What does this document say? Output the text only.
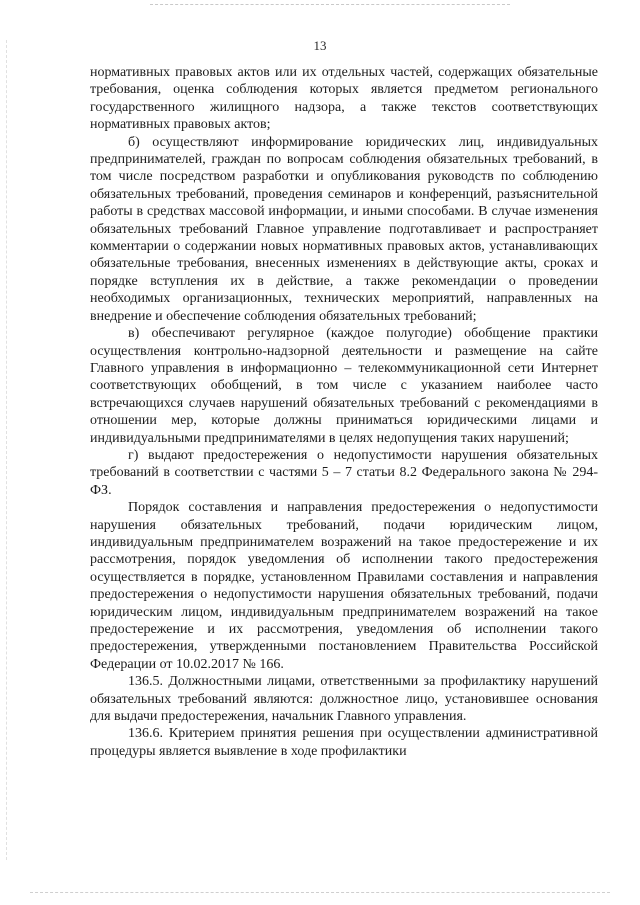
13

нормативных правовых актов или их отдельных частей, содержащих обязательные требования, оценка соблюдения которых является предметом регионального государственного жилищного надзора, а также текстов соответствующих нормативных правовых актов;

б) осуществляют информирование юридических лиц, индивидуальных предпринимателей, граждан по вопросам соблюдения обязательных требований, в том числе посредством разработки и опубликования руководств по соблюдению обязательных требований, проведения семинаров и конференций, разъяснительной работы в средствах массовой информации, и иными способами. В случае изменения обязательных требований Главное управление подготавливает и распространяет комментарии о содержании новых нормативных правовых актов, устанавливающих обязательные требования, внесенных изменениях в действующие акты, сроках и порядке вступления их в действие, а также рекомендации о проведении необходимых организационных, технических мероприятий, направленных на внедрение и обеспечение соблюдения обязательных требований;

в) обеспечивают регулярное (каждое полугодие) обобщение практики осуществления контрольно-надзорной деятельности и размещение на сайте Главного управления в информационно – телекоммуникационной сети Интернет соответствующих обобщений, в том числе с указанием наиболее часто встречающихся случаев нарушений обязательных требований с рекомендациями в отношении мер, которые должны приниматься юридическими лицами и индивидуальными предпринимателями в целях недопущения таких нарушений;

г) выдают предостережения о недопустимости нарушения обязательных требований в соответствии с частями 5 – 7 статьи 8.2 Федерального закона № 294-ФЗ.

Порядок составления и направления предостережения о недопустимости нарушения обязательных требований, подачи юридическим лицом, индивидуальным предпринимателем возражений на такое предостережение и их рассмотрения, порядок уведомления об исполнении такого предостережения осуществляется в порядке, установленном Правилами составления и направления предостережения о недопустимости нарушения обязательных требований, подачи юридическим лицом, индивидуальным предпринимателем возражений на такое предостережение и их рассмотрения, уведомления об исполнении такого предостережения, утвержденными постановлением Правительства Российской Федерации от 10.02.2017 № 166.

136.5. Должностными лицами, ответственными за профилактику нарушений обязательных требований являются: должностное лицо, установившее основания для выдачи предостережения, начальник Главного управления.

136.6. Критерием принятия решения при осуществлении административной процедуры является выявление в ходе профилактики
